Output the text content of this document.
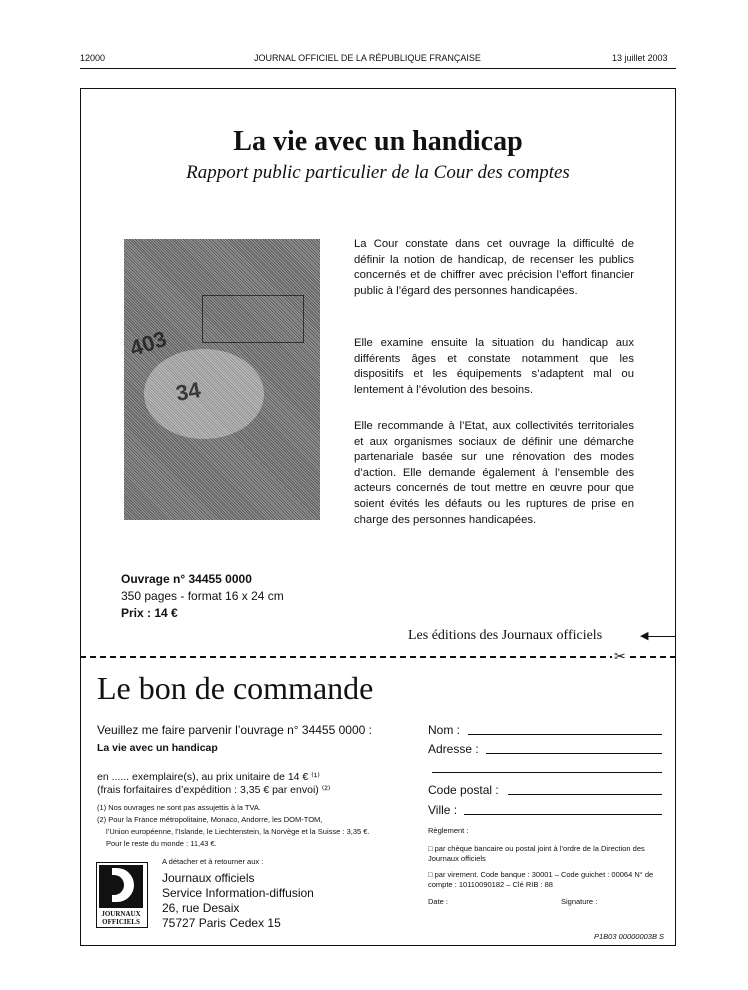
12000	JOURNAL OFFICIEL DE LA RÉPUBLIQUE FRANÇAISE	13 juillet 2003
La vie avec un handicap
Rapport public particulier de la Cour des comptes
403
34
La Cour constate dans cet ouvrage la difficulté de définir la notion de handicap, de recenser les publics concernés et de chiffrer avec précision l’effort financier public à l’égard des personnes handicapées.
Elle examine ensuite la situation du handicap aux différents âges et constate notamment que les dispositifs et les équipements s’adaptent mal ou lentement à l’évolution des besoins.
Elle recommande à l’Etat, aux collectivités territoriales et aux organismes sociaux de définir une démarche partenariale basée sur une rénovation des modes d’action. Elle demande également à l’ensemble des acteurs concernés de tout mettre en œuvre pour que soient évités les défauts ou les ruptures de prise en charge des personnes handicapées.
Ouvrage n° 34455 0000
350 pages - format 16 x 24 cm
Prix : 14 €
Les éditions des Journaux officiels	◀
✂
Le bon de commande
Veuillez me faire parvenir l’ouvrage n° 34455 0000 :
La vie avec un handicap
en ...... exemplaire(s), au prix unitaire de 14 € ⁽¹⁾
(frais forfaitaires d’expédition : 3,35 € par envoi) ⁽²⁾
(1) Nos ouvrages ne sont pas assujettis à la TVA.
(2) Pour la France métropolitaine, Monaco, Andorre, les DOM-TOM,
l’Union européenne, l’Islande, le Liechtenstein, la Norvège et la Suisse : 3,35 €.
Pour le reste du monde : 11,43 €.
JOURNAUX
OFFICIELS
A détacher et à retourner aux :
Journaux officiels
Service Information-diffusion
26, rue Desaix
75727 Paris Cedex 15
Nom :
Adresse :
Code postal :
Ville :
Règlement :
□ par chèque bancaire ou postal joint à l’ordre de la Direction des Journaux officiels
□ par virement. Code banque : 30001 – Code guichet : 00064 N° de compte : 10110090182 – Clé RIB : 88
Date :	Signature :
P1B03 00000003B S
